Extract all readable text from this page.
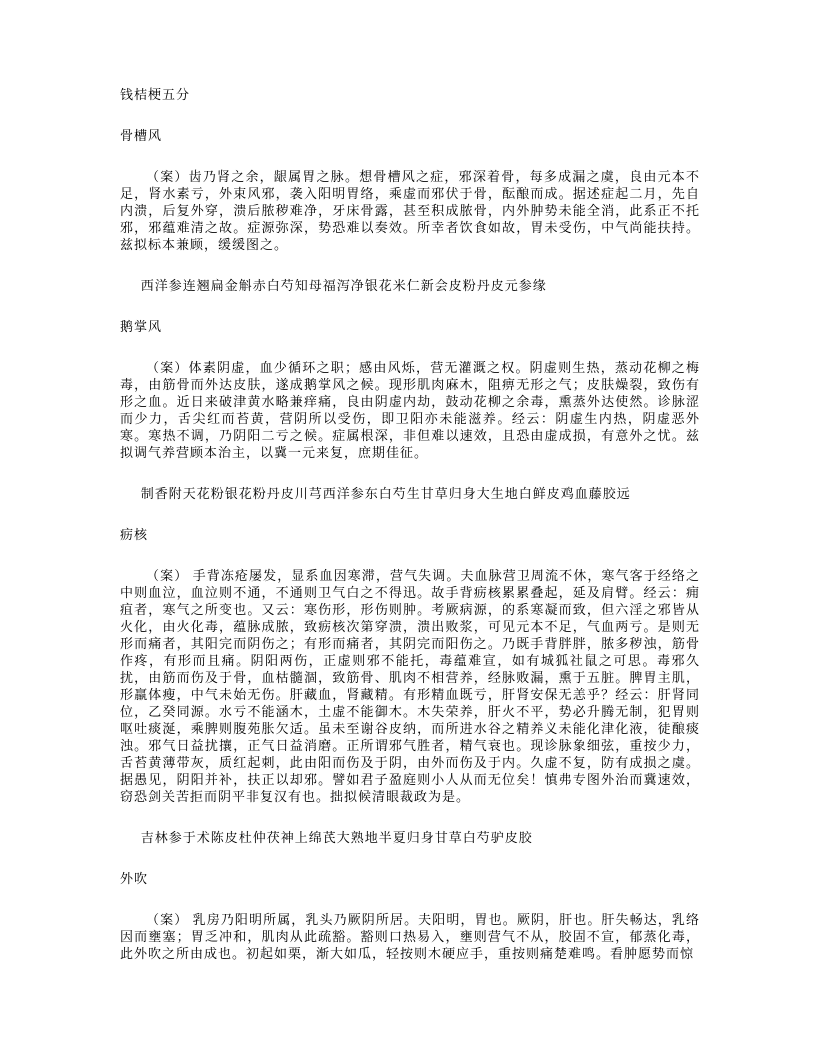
钱桔梗五分
骨槽风
（案）齿乃肾之余，龈属胃之脉。想骨槽风之症，邪深着骨，每多成漏之虞，良由元本不足，肾水素亏，外束风邪，袭入阳明胃络，乘虚而邪伏于骨，酝酿而成。据述症起二月，先自内溃，后复外穿，溃后脓秽难净，牙床骨露，甚至积成脓骨，内外肿势未能全消，此系正不托邪，邪蕴难清之故。症源弥深，势恐难以奏效。所幸者饮食如故，胃未受伤，中气尚能扶持。兹拟标本兼顾，缓缓图之。
西洋参连翘扁金斛赤白芍知母福泻净银花米仁新会皮粉丹皮元参缘
鹅掌风
（案）体素阴虚，血少循环之职；感由风烁，营无灌溉之权。阴虚则生热，蒸动花柳之梅毒，由筋骨而外达皮肤，遂成鹅掌风之候。现形肌肉麻木，阻痹无形之气；皮肤燥裂，致伤有形之血。近日来破津黄水略兼痒痛，良由阴虚内劫，鼓动花柳之余毒，熏蒸外达使然。诊脉涩而少力，舌尖红而苔黄，营阴所以受伤，即卫阳亦未能滋养。经云：阴虚生内热，阴虚恶外寒。寒热不调，乃阴阳二亏之候。症属根深，非但难以速效，且恐由虚成损，有意外之忧。兹拟调气养营顾本治主，以冀一元来复，庶期佳征。
制香附天花粉银花粉丹皮川芎西洋参东白芍生甘草归身大生地白鲜皮鸡血藤胶远
疬核
（案） 手背冻疮屡发，显系血因寒滞，营气失调。夫血脉营卫周流不休，寒气客于经络之中则血泣，血泣则不通，不通则卫气白之不得迅。故手背疬核累累叠起，延及肩臂。经云：痈疽者，寒气之所变也。又云：寒伤形，形伤则肿。考厥病源，的系寒凝而致，但六淫之邪皆从火化，由火化毒，蕴脉成脓，致疬核次第穿溃，溃出败浆，可见元本不足，气血两亏。是则无形而痛者，其阳完而阴伤之；有形而痛者，其阴完而阳伤之。乃既手背胖胖，脓多秽浊，筋骨作疼，有形而且痛。阴阳两伤，正虚则邪不能托，毒蕴难宣，如有城狐社鼠之可思。毒邪久扰，由筋而伤及于骨，血枯髓涸，致筋骨、肌肉不相营养，经脉败漏，熏于五脏。脾胃主肌，形羸体瘦，中气未始无伤。肝藏血，肾藏精。有形精血既亏，肝肾安保无恙乎？经云：肝肾同位，乙癸同源。水亏不能涵木，土虚不能御木。木失荣养，肝火不平，势必升腾无制，犯胃则呕吐痰涎，乘脾则腹苑胀欠适。虽未至谢谷皮纳，而所进水谷之精养义未能化津化液，徒酿痰浊。邪气日益扰攘，正气日益消磨。正所谓邪气胜者，精气衰也。现诊脉象细弦，重按少力，舌苔黄薄带灰，质红起刺，此由阳而伤及于阴，由外而伤及于内。久虚不复，防有成损之虞。据愚见，阴阳并补，扶正以却邪。譬如君子盈庭则小人从而无位矣！慎弗专图外治而冀速效，窃恐剑关苦拒而阴平非复汉有也。拙拟候清眼裁政为是。
吉林参于术陈皮杜仲茯神上绵芪大熟地半夏归身甘草白芍驴皮胶
外吹
（案） 乳房乃阳明所属，乳头乃厥阴所居。夫阳明，胃也。厥阴，肝也。肝失畅达，乳络因而壅塞；胃乏冲和，肌肉从此疏豁。豁则口热易入，壅则营气不从，胶固不宣，郁蒸化毒，此外吹之所由成也。初起如栗，渐大如瓜，轻按则木硬应手，重按则痛楚难鸣。看肿愿势而惊
